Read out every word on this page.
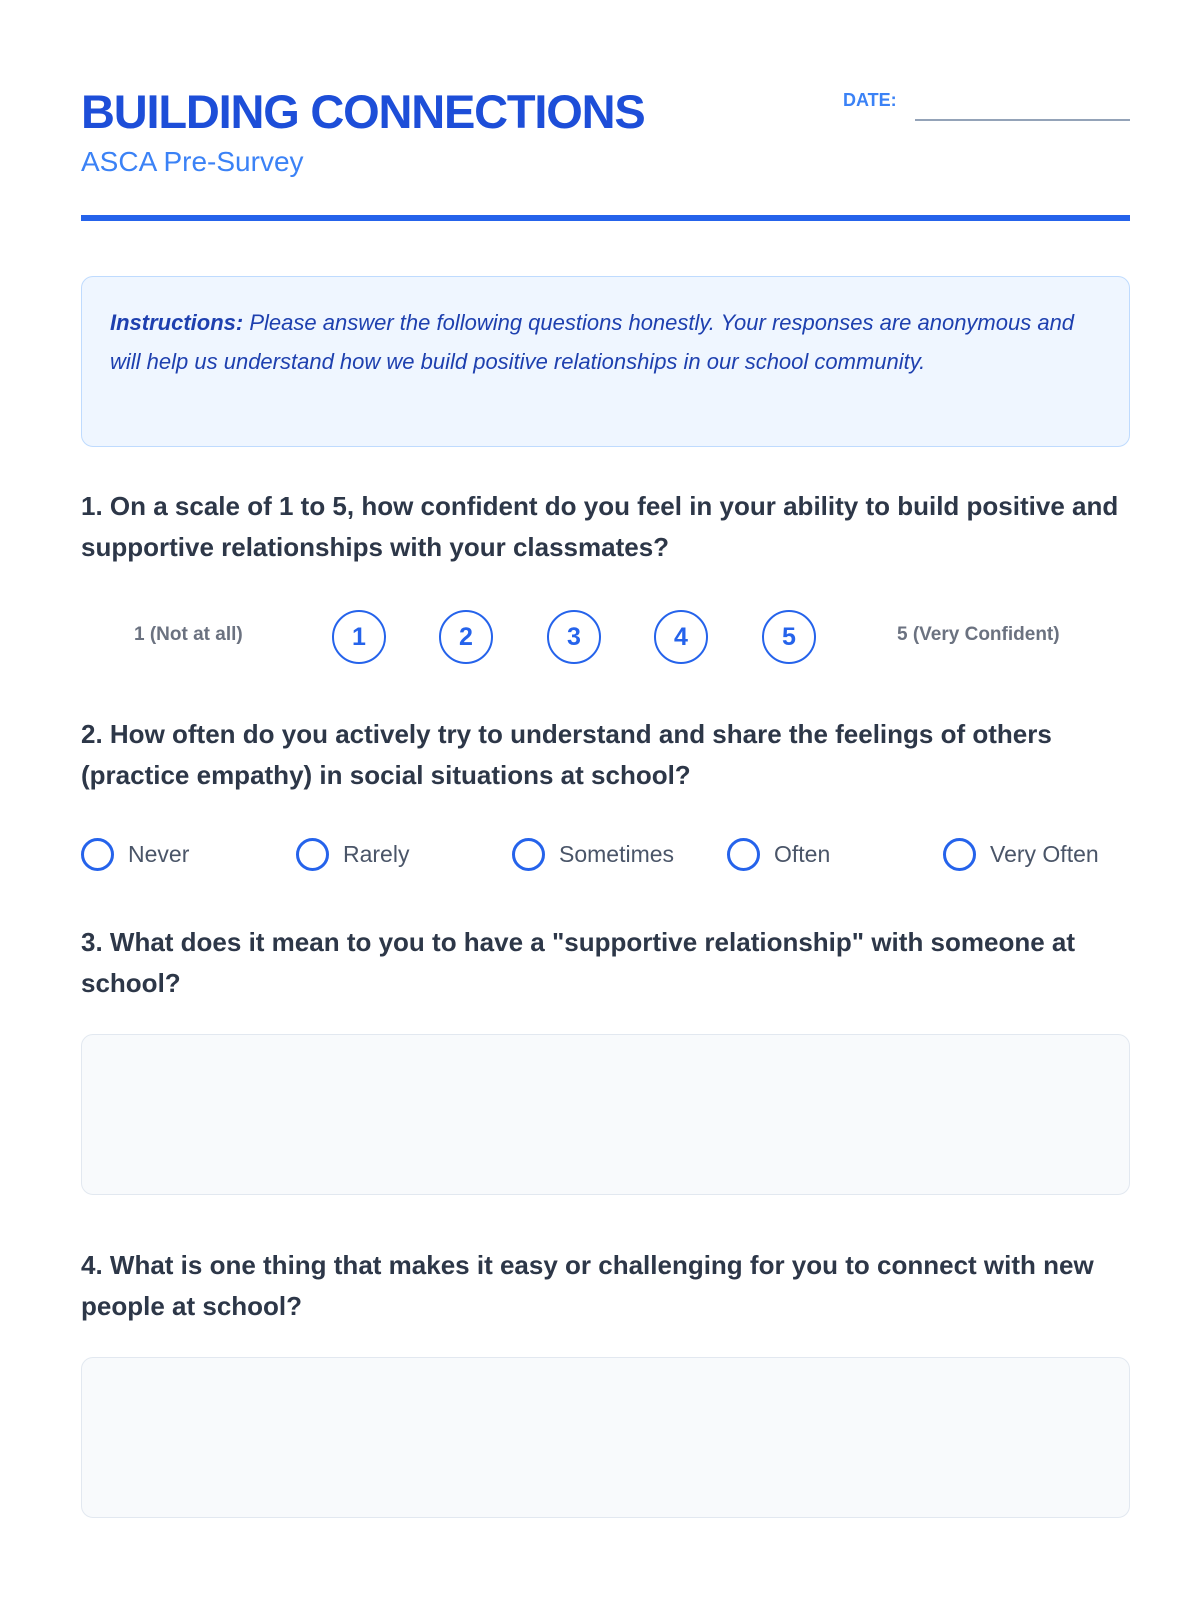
BUILDING CONNECTIONS
ASCA Pre-Survey
DATE:

Instructions: Please answer the following questions honestly. Your responses are anonymous and will help us understand how we build positive relationships in our school community.

1. On a scale of 1 to 5, how confident do you feel in your ability to build positive and supportive relationships with your classmates?
1 (Not at all)	1	2	3	4	5	5 (Very Confident)
2. How often do you actively try to understand and share the feelings of others (practice empathy) in social situations at school?
Never	Rarely	Sometimes	Often	Very Often
3. What does it mean to you to have a "supportive relationship" with someone at school?
4. What is one thing that makes it easy or challenging for you to connect with new people at school?
